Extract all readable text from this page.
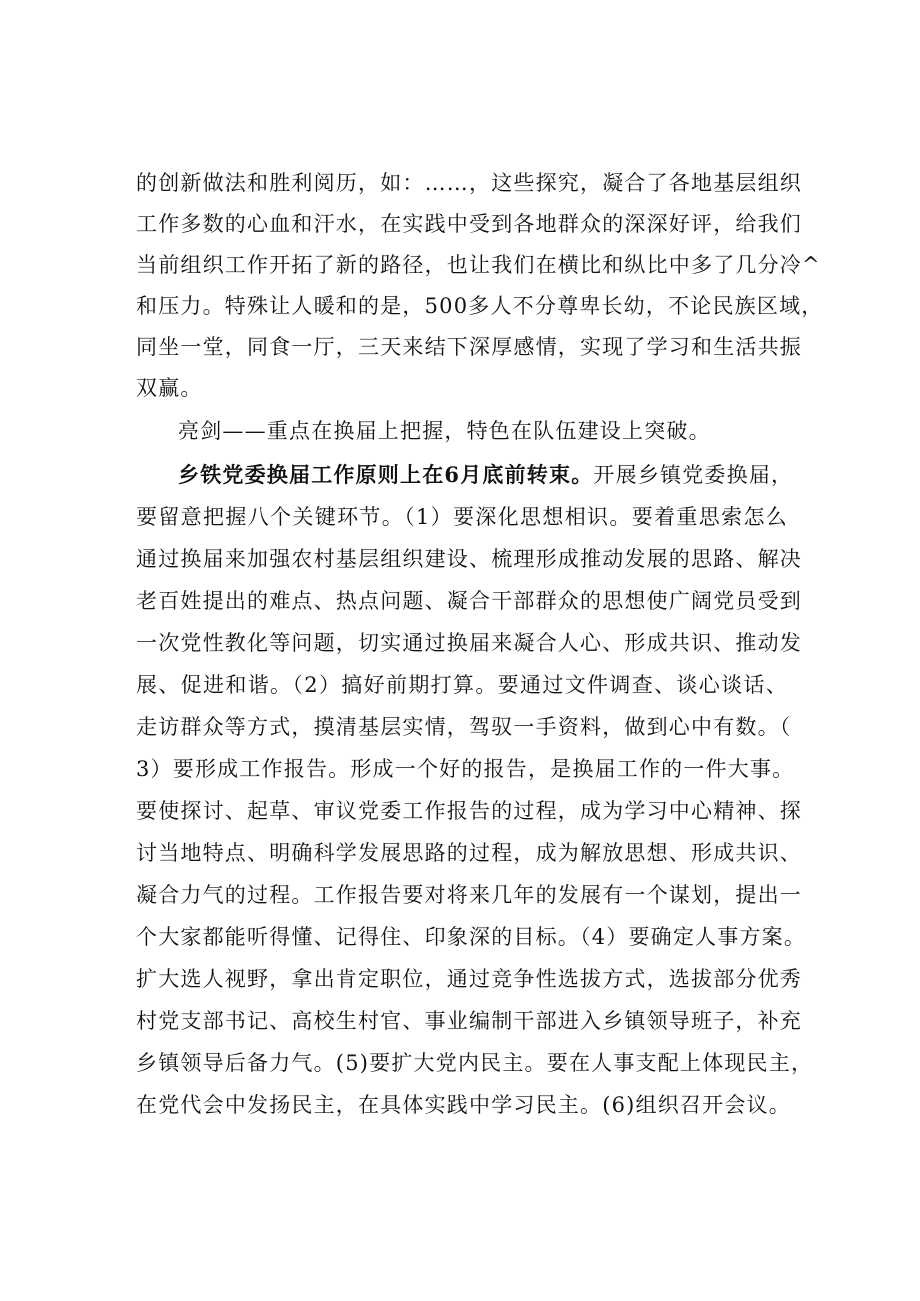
的创新做法和胜利阅历，如：……，这些探究，凝合了各地基层组织
工作多数的心血和汗水，在实践中受到各地群众的深深好评，给我们
当前组织工作开拓了新的路径，也让我们在横比和纵比中多了几分冷^
和压力。特殊让人暖和的是，500多人不分尊卑长幼，不论民族区域，
同坐一堂，同食一厅，三天来结下深厚感情，实现了学习和生活共振
双赢。
亮剑——重点在换届上把握，特色在队伍建设上突破。
乡铁党委换届工作原则上在6月底前转束。开展乡镇党委换届，
要留意把握八个关键环节。（1）要深化思想相识。要着重思索怎么
通过换届来加强农村基层组织建设、梳理形成推动发展的思路、解决
老百姓提出的难点、热点问题、凝合干部群众的思想使广阔党员受到
一次党性教化等问题，切实通过换届来凝合人心、形成共识、推动发
展、促进和谐。（2）搞好前期打算。要通过文件调查、谈心谈话、
走访群众等方式，摸清基层实情，驾驭一手资料，做到心中有数。（
3）要形成工作报告。形成一个好的报告，是换届工作的一件大事。
要使探讨、起草、审议党委工作报告的过程，成为学习中心精神、探
讨当地特点、明确科学发展思路的过程，成为解放思想、形成共识、
凝合力气的过程。工作报告要对将来几年的发展有一个谋划，提出一
个大家都能听得懂、记得住、印象深的目标。（4）要确定人事方案。
扩大选人视野，拿出肯定职位，通过竞争性选拔方式，选拔部分优秀
村党支部书记、高校生村官、事业编制干部进入乡镇领导班子，补充
乡镇领导后备力气。(5)要扩大党内民主。要在人事支配上体现民主，
在党代会中发扬民主，在具体实践中学习民主。(6)组织召开会议。
